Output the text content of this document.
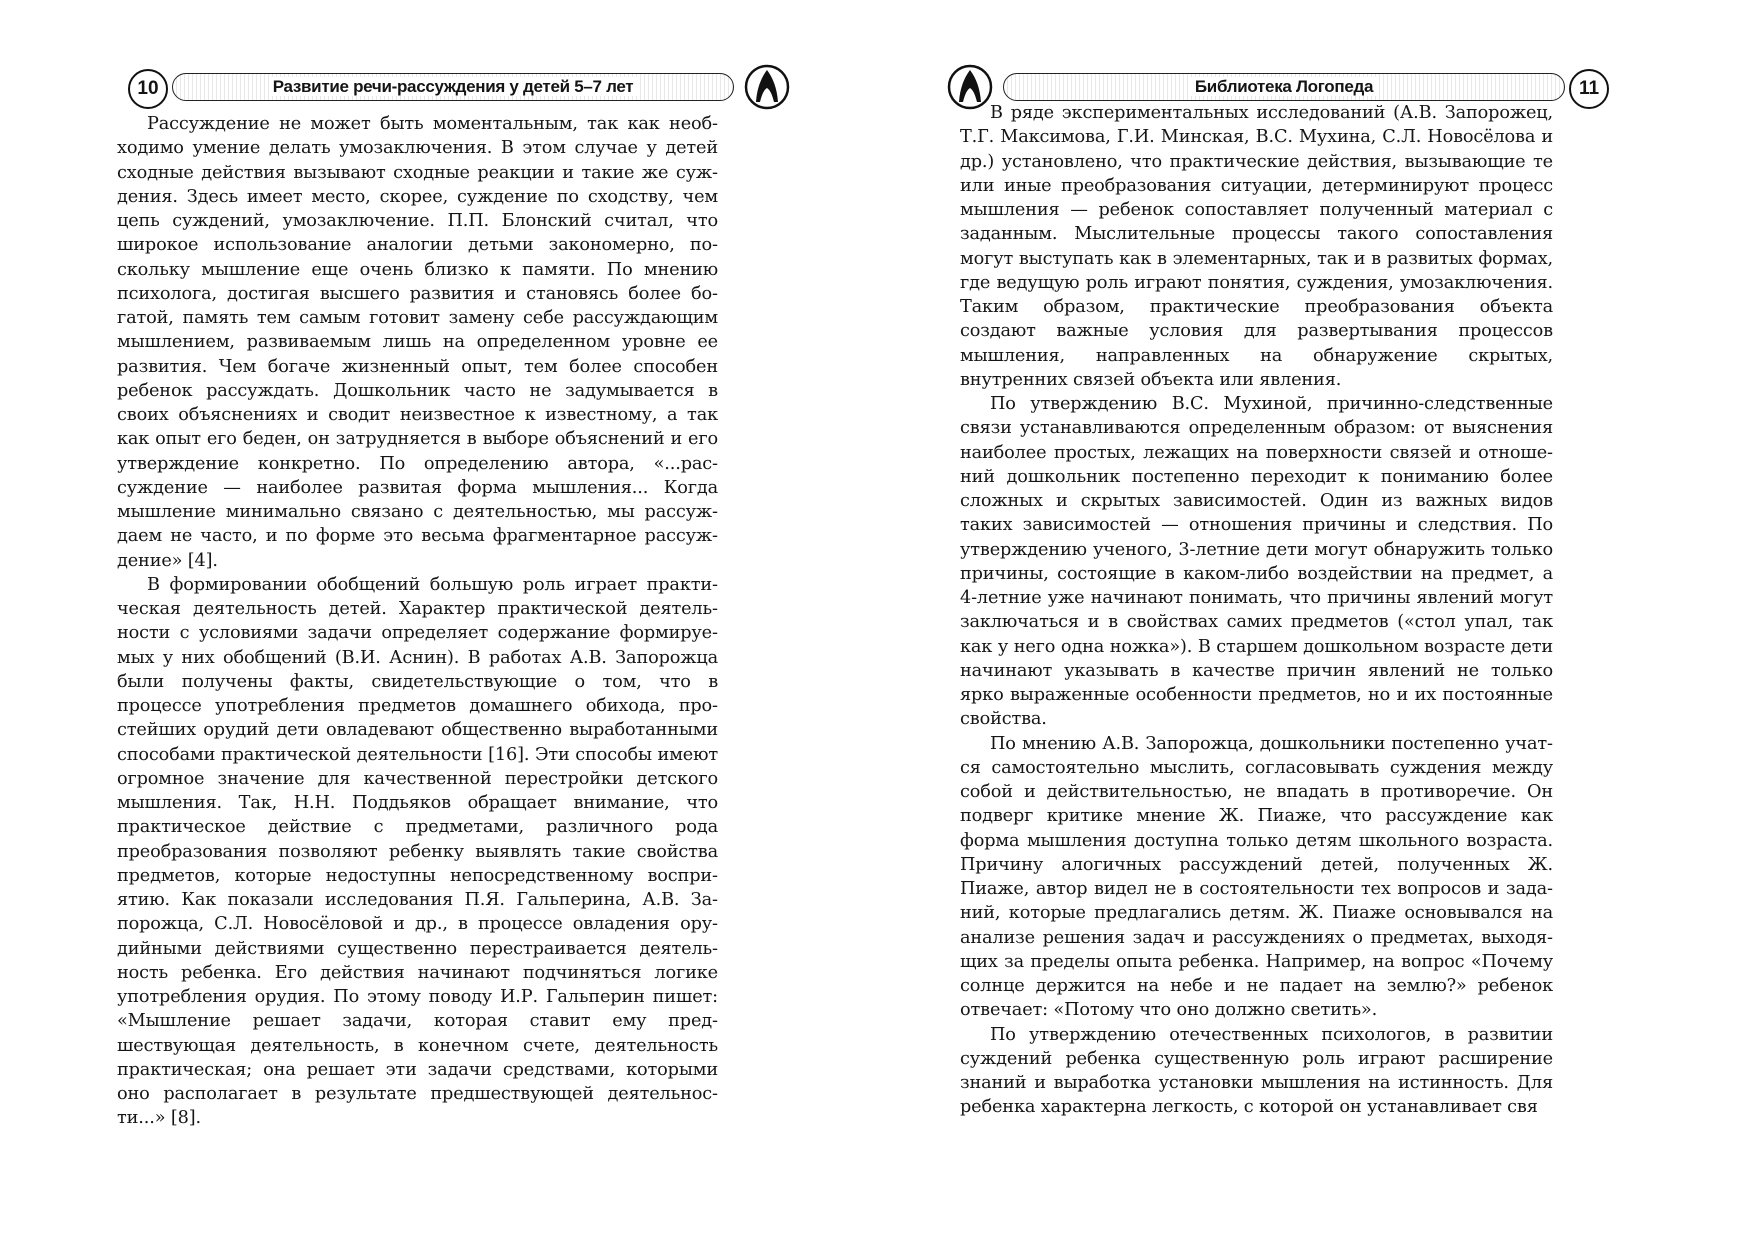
10	Развитие речи-рассуждения у детей 5–7 лет

Рассуждение не может быть моментальным, так как необходимо умение делать умозаключения. В этом случае у детей сходные действия вызывают сходные реакции и такие же суждения. Здесь имеет место, скорее, суждение по сходству, чем цепь суждений, умозаключение. П.П. Блонский считал, что широкое использование аналогии детьми закономерно, поскольку мышление еще очень близко к памяти. По мнению психолога, достигая высшего развития и становясь более богатой, память тем самым готовит замену себе рассуждающим мышлением, развиваемым лишь на определенном уровне ее развития. Чем богаче жизненный опыт, тем более способен ребенок рассуждать. Дошкольник часто не задумывается в своих объяснениях и сводит неизвестное к известному, а так как опыт его беден, он затрудняется в выборе объяснений и его утверждение конкретно. По определению автора, «...рассуждение — наиболее развитая форма мышления... Когда мышление минимально связано с деятельностью, мы рассуждаем не часто, и по форме это весьма фрагментарное рассуждение» [4].

В формировании обобщений большую роль играет практическая деятельность детей. Характер практической деятельности с условиями задачи определяет содержание формируемых у них обобщений (В.И. Аснин). В работах А.В. Запорожца были получены факты, свидетельствующие о том, что в процессе употребления предметов домашнего обихода, простейших орудий дети овладевают общественно выработанными способами практической деятельности [16]. Эти способы имеют огромное значение для качественной перестройки детского мышления. Так, Н.Н. Поддьяков обращает внимание, что практическое действие с предметами, различного рода преобразования позволяют ребенку выявлять такие свойства предметов, которые недоступны непосредственному восприятию. Как показали исследования П.Я. Гальперина, А.В. Запорожца, С.Л. Новосёловой и др., в процессе овладения орудийными действиями существенно перестраивается деятельность ребенка. Его действия начинают подчиняться логике употребления орудия. По этому поводу И.Р. Гальперин пишет: «Мышление решает задачи, которая ставит ему предшествующая деятельность, в конечном счете, деятельность практическая; она решает эти задачи средствами, которыми оно располагает в результате предшествующей деятельности...» [8].

Библиотека Логопеда	11

В ряде экспериментальных исследований (А.В. Запорожец, Т.Г. Максимова, Г.И. Минская, В.С. Мухина, С.Л. Новосёлова и др.) установлено, что практические действия, вызывающие те или иные преобразования ситуации, детерминируют процесс мышления — ребенок сопоставляет полученный материал с заданным. Мыслительные процессы такого сопоставления могут выступать как в элементарных, так и в развитых формах, где ведущую роль играют понятия, суждения, умозаключения. Таким образом, практические преобразования объекта создают важные условия для развертывания процессов мышления, направленных на обнаружение скрытых, внутренних связей объекта или явления.

По утверждению В.С. Мухиной, причинно-следственные связи устанавливаются определенным образом: от выяснения наиболее простых, лежащих на поверхности связей и отношений дошкольник постепенно переходит к пониманию более сложных и скрытых зависимостей. Один из важных видов таких зависимостей — отношения причины и следствия. По утверждению ученого, 3-летние дети могут обнаружить только причины, состоящие в каком-либо воздействии на предмет, а 4-летние уже начинают понимать, что причины явлений могут заключаться и в свойствах самих предметов («стол упал, так как у него одна ножка»). В старшем дошкольном возрасте дети начинают указывать в качестве причин явлений не только ярко выраженные особенности предметов, но и их постоянные свойства.

По мнению А.В. Запорожца, дошкольники постепенно учатся самостоятельно мыслить, согласовывать суждения между собой и действительностью, не впадать в противоречие. Он подверг критике мнение Ж. Пиаже, что рассуждение как форма мышления доступна только детям школьного возраста. Причину алогичных рассуждений детей, полученных Ж. Пиаже, автор видел не в состоятельности тех вопросов и заданий, которые предлагались детям. Ж. Пиаже основывался на анализе решения задач и рассуждениях о предметах, выходящих за пределы опыта ребенка. Например, на вопрос «Почему солнце держится на небе и не падает на землю?» ребенок отвечает: «Потому что оно должно светить».

По утверждению отечественных психологов, в развитии суждений ребенка существенную роль играют расширение знаний и выработка установки мышления на истинность. Для ребенка характерна легкость, с которой он устанавливает свя
